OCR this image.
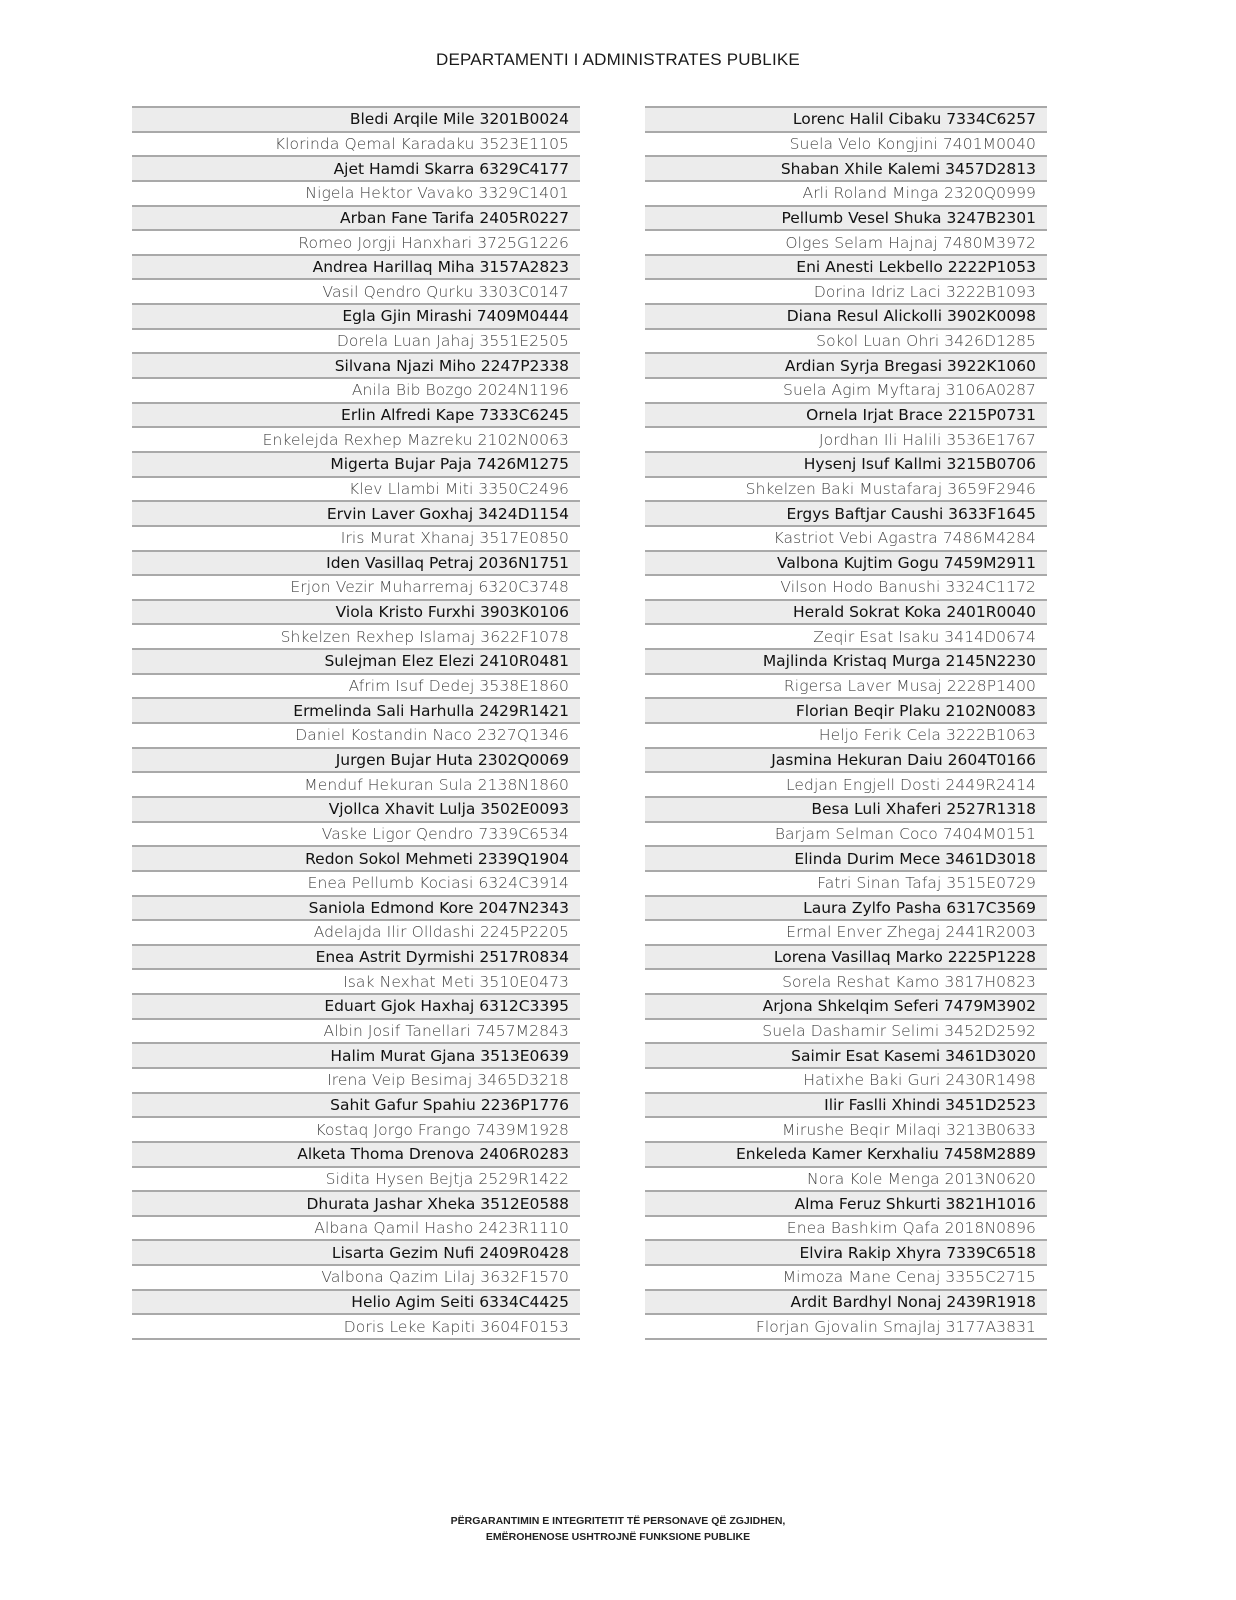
DEPARTAMENTI I ADMINISTRATES PUBLIKE
Bledi Arqile Mile 3201B0024
Klorinda Qemal Karadaku 3523E1105
Ajet Hamdi Skarra 6329C4177
Nigela Hektor Vavako 3329C1401
Arban Fane Tarifa 2405R0227
Romeo Jorgji Hanxhari 3725G1226
Andrea Harillaq Miha 3157A2823
Vasil Qendro Qurku 3303C0147
Egla Gjin Mirashi 7409M0444
Dorela Luan Jahaj 3551E2505
Silvana Njazi Miho 2247P2338
Anila Bib Bozgo 2024N1196
Erlin Alfredi Kape 7333C6245
Enkelejda Rexhep Mazreku 2102N0063
Migerta Bujar Paja 7426M1275
Klev Llambi Miti 3350C2496
Ervin Laver Goxhaj 3424D1154
Iris Murat Xhanaj 3517E0850
Iden Vasillaq Petraj 2036N1751
Erjon Vezir Muharremaj 6320C3748
Viola Kristo Furxhi 3903K0106
Shkelzen Rexhep Islamaj 3622F1078
Sulejman Elez Elezi 2410R0481
Afrim Isuf Dedej 3538E1860
Ermelinda Sali Harhulla 2429R1421
Daniel Kostandin Naco 2327Q1346
Jurgen Bujar Huta 2302Q0069
Menduf Hekuran Sula 2138N1860
Vjollca Xhavit Lulja 3502E0093
Vaske Ligor Qendro 7339C6534
Redon Sokol Mehmeti 2339Q1904
Enea Pellumb Kociasi 6324C3914
Saniola Edmond Kore 2047N2343
Adelajda Ilir Olldashi 2245P2205
Enea Astrit Dyrmishi 2517R0834
Isak Nexhat Meti 3510E0473
Eduart Gjok Haxhaj 6312C3395
Albin Josif Tanellari 7457M2843
Halim Murat Gjana 3513E0639
Irena Veip Besimaj 3465D3218
Sahit Gafur Spahiu 2236P1776
Kostaq Jorgo Frango 7439M1928
Alketa Thoma Drenova 2406R0283
Sidita Hysen Bejtja 2529R1422
Dhurata Jashar Xheka 3512E0588
Albana Qamil Hasho 2423R1110
Lisarta Gezim Nufi 2409R0428
Valbona Qazim Lilaj 3632F1570
Helio Agim Seiti 6334C4425
Doris Leke Kapiti 3604F0153
Lorenc Halil Cibaku 7334C6257
Suela Velo Kongjini 7401M0040
Shaban Xhile Kalemi 3457D2813
Arli Roland Minga 2320Q0999
Pellumb Vesel Shuka 3247B2301
Olges Selam Hajnaj 7480M3972
Eni Anesti Lekbello 2222P1053
Dorina Idriz Laci 3222B1093
Diana Resul Alickolli 3902K0098
Sokol Luan Ohri 3426D1285
Ardian Syrja Bregasi 3922K1060
Suela Agim Myftaraj 3106A0287
Ornela Irjat Brace 2215P0731
Jordhan Ili Halili 3536E1767
Hysenj Isuf Kallmi 3215B0706
Shkelzen Baki Mustafaraj 3659F2946
Ergys Baftjar Caushi 3633F1645
Kastriot Vebi Agastra 7486M4284
Valbona Kujtim Gogu 7459M2911
Vilson Hodo Banushi 3324C1172
Herald Sokrat Koka 2401R0040
Zeqir Esat Isaku 3414D0674
Majlinda Kristaq Murga 2145N2230
Rigersa Laver Musaj 2228P1400
Florian Beqir Plaku 2102N0083
Heljo Ferik Cela 3222B1063
Jasmina Hekuran Daiu 2604T0166
Ledjan Engjell Dosti 2449R2414
Besa Luli Xhaferi 2527R1318
Barjam Selman Coco 7404M0151
Elinda Durim Mece 3461D3018
Fatri Sinan Tafaj 3515E0729
Laura Zylfo Pasha 6317C3569
Ermal Enver Zhegaj 2441R2003
Lorena Vasillaq Marko 2225P1228
Sorela Reshat Kamo 3817H0823
Arjona Shkelqim Seferi 7479M3902
Suela Dashamir Selimi 3452D2592
Saimir Esat Kasemi 3461D3020
Hatixhe Baki Guri 2430R1498
Ilir Faslli Xhindi 3451D2523
Mirushe Beqir Milaqi 3213B0633
Enkeleda Kamer Kerxhaliu 7458M2889
Nora Kole Menga 2013N0620
Alma Feruz Shkurti 3821H1016
Enea Bashkim Qafa 2018N0896
Elvira Rakip Xhyra 7339C6518
Mimoza Mane Cenaj 3355C2715
Ardit Bardhyl Nonaj 2439R1918
Florjan Gjovalin Smajlaj 3177A3831
PËRGARANTIMIN E INTEGRITETIT TË PERSONAVE QË ZGJIDHEN,
EMËROHENOSE USHTROJNË FUNKSIONE PUBLIKE
